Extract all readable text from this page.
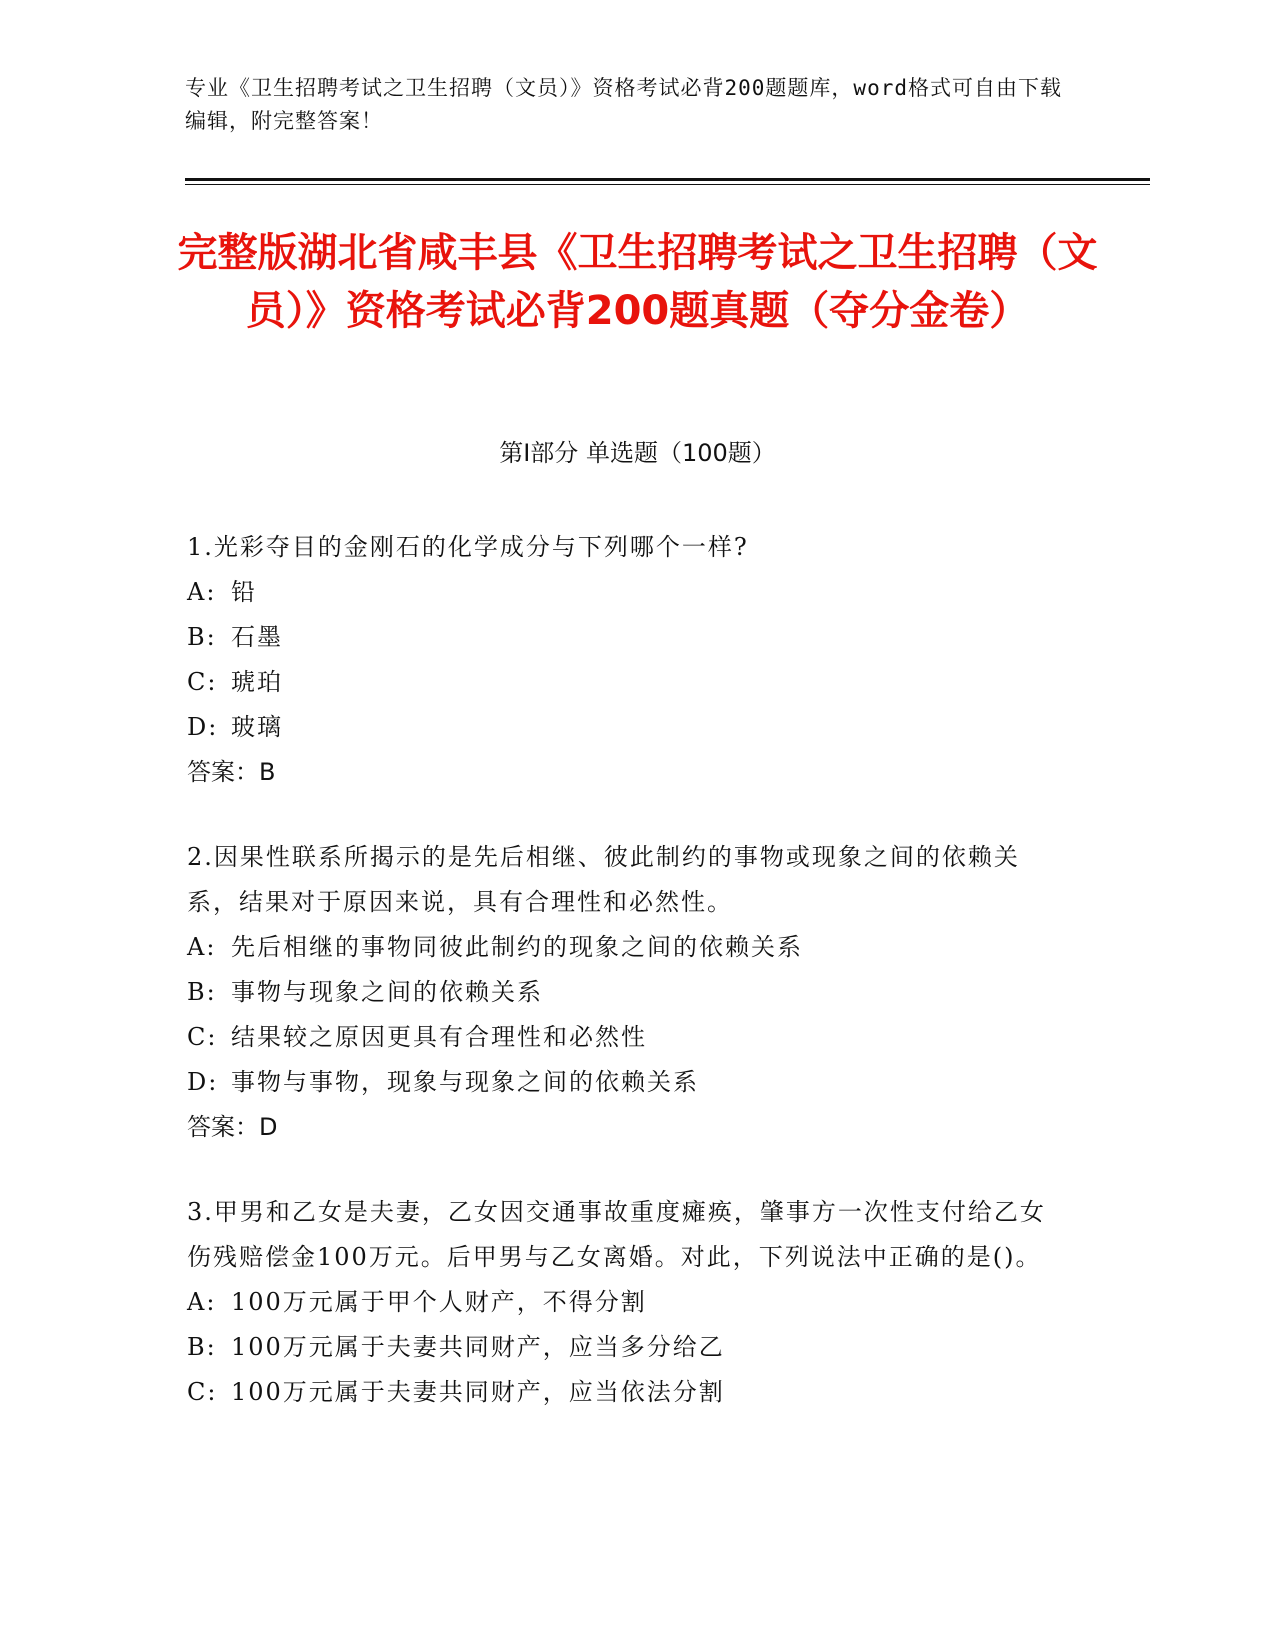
专业《卫生招聘考试之卫生招聘（文员）》资格考试必背200题题库，word格式可自由下载编辑，附完整答案！
完整版湖北省咸丰县《卫生招聘考试之卫生招聘（文员）》资格考试必背200题真题（夺分金卷）
第Ⅰ部分 单选题（100题）
1.光彩夺目的金刚石的化学成分与下列哪个一样?
A: 铅
B: 石墨
C: 琥珀
D: 玻璃
答案：B
2.因果性联系所揭示的是先后相继、彼此制约的事物或现象之间的依赖关系，结果对于原因来说，具有合理性和必然性。
A: 先后相继的事物同彼此制约的现象之间的依赖关系
B: 事物与现象之间的依赖关系
C: 结果较之原因更具有合理性和必然性
D: 事物与事物，现象与现象之间的依赖关系
答案：D
3.甲男和乙女是夫妻，乙女因交通事故重度瘫痪，肇事方一次性支付给乙女伤残赔偿金100万元。后甲男与乙女离婚。对此，下列说法中正确的是()。
A: 100万元属于甲个人财产，不得分割
B: 100万元属于夫妻共同财产，应当多分给乙
C: 100万元属于夫妻共同财产，应当依法分割
